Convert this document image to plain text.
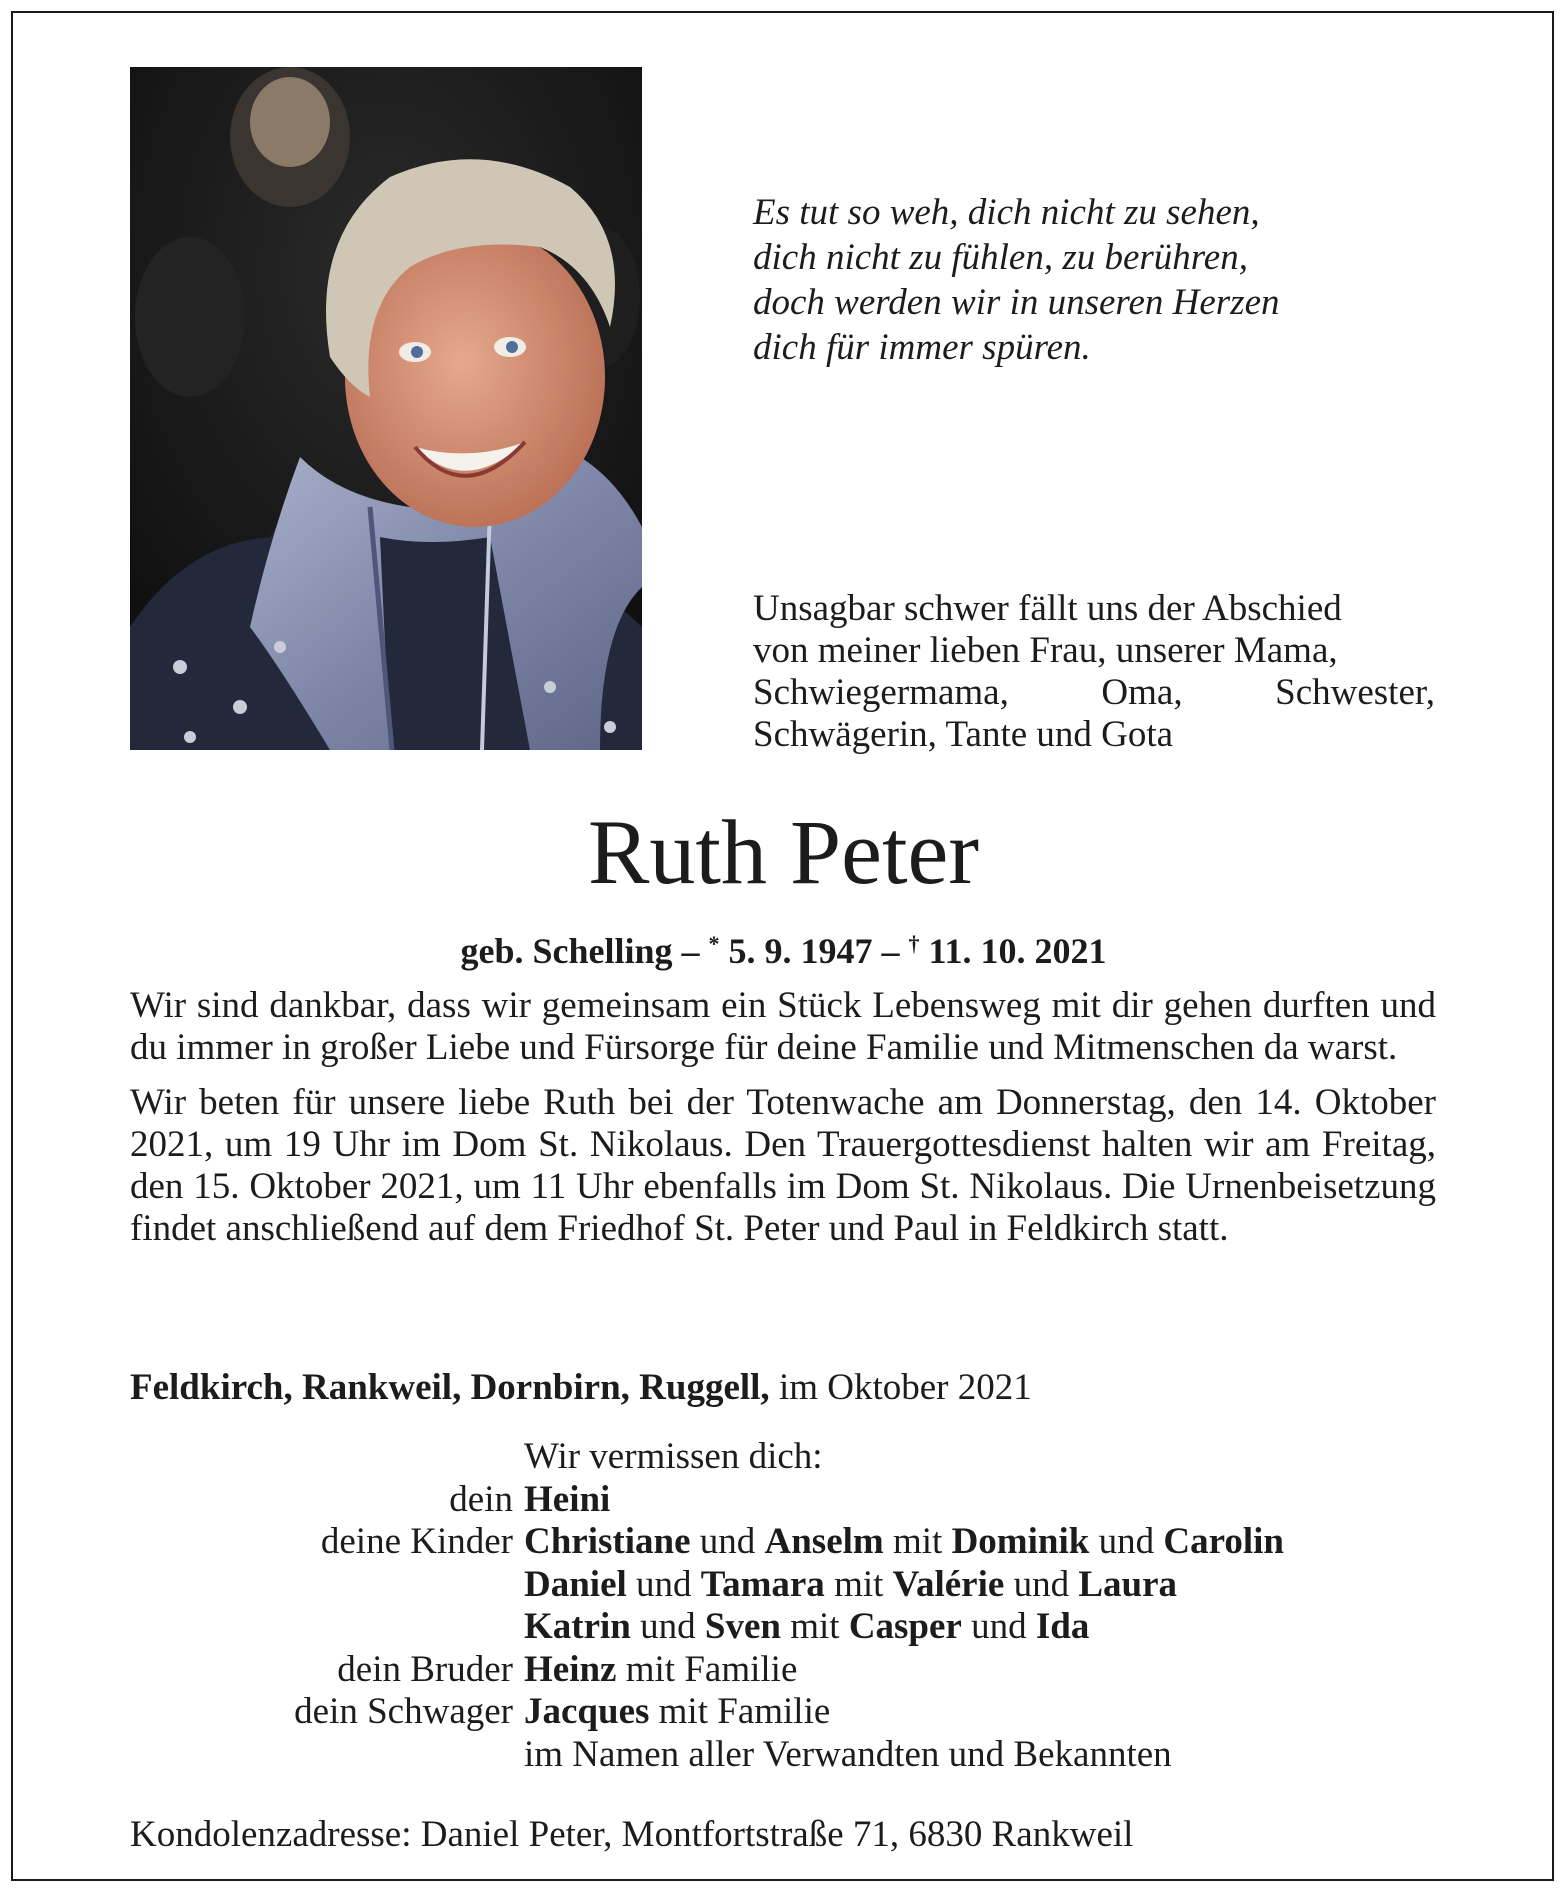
Es tut so weh, dich nicht zu sehen,
dich nicht zu fühlen, zu berühren,
doch werden wir in unseren Herzen
dich für immer spüren.
Unsagbar schwer fällt uns der Abschied
von meiner lieben Frau, unserer Mama,
Schwiegermama,	Oma,	Schwester,
Schwägerin, Tante und Gota
Ruth Peter
geb. Schelling – * 5. 9. 1947 – † 11. 10. 2021

Wir sind dankbar, dass wir gemeinsam ein Stück Lebensweg mit dir gehen durften und du immer in großer Liebe und Fürsorge für deine Familie und Mitmenschen da warst.

Wir beten für unsere liebe Ruth bei der Totenwache am Donnerstag, den 14. Oktober 2021, um 19 Uhr im Dom St. Nikolaus. Den Trauergottesdienst halten wir am Freitag, den 15. Oktober 2021, um 11 Uhr ebenfalls im Dom St. Nikolaus. Die Urnenbeisetzung findet anschließend auf dem Friedhof St. Peter und Paul in Feldkirch statt.

Feldkirch, Rankweil, Dornbirn, Ruggell, im Oktober 2021
Wir vermissen dich:
dein Heini
deine Kinder Christiane und Anselm mit Dominik und Carolin
Daniel und Tamara mit Valérie und Laura
Katrin und Sven mit Casper und Ida
dein Bruder Heinz mit Familie
dein Schwager Jacques mit Familie
im Namen aller Verwandten und Bekannten
Kondolenzadresse: Daniel Peter, Montfortstraße 71, 6830 Rankweil
